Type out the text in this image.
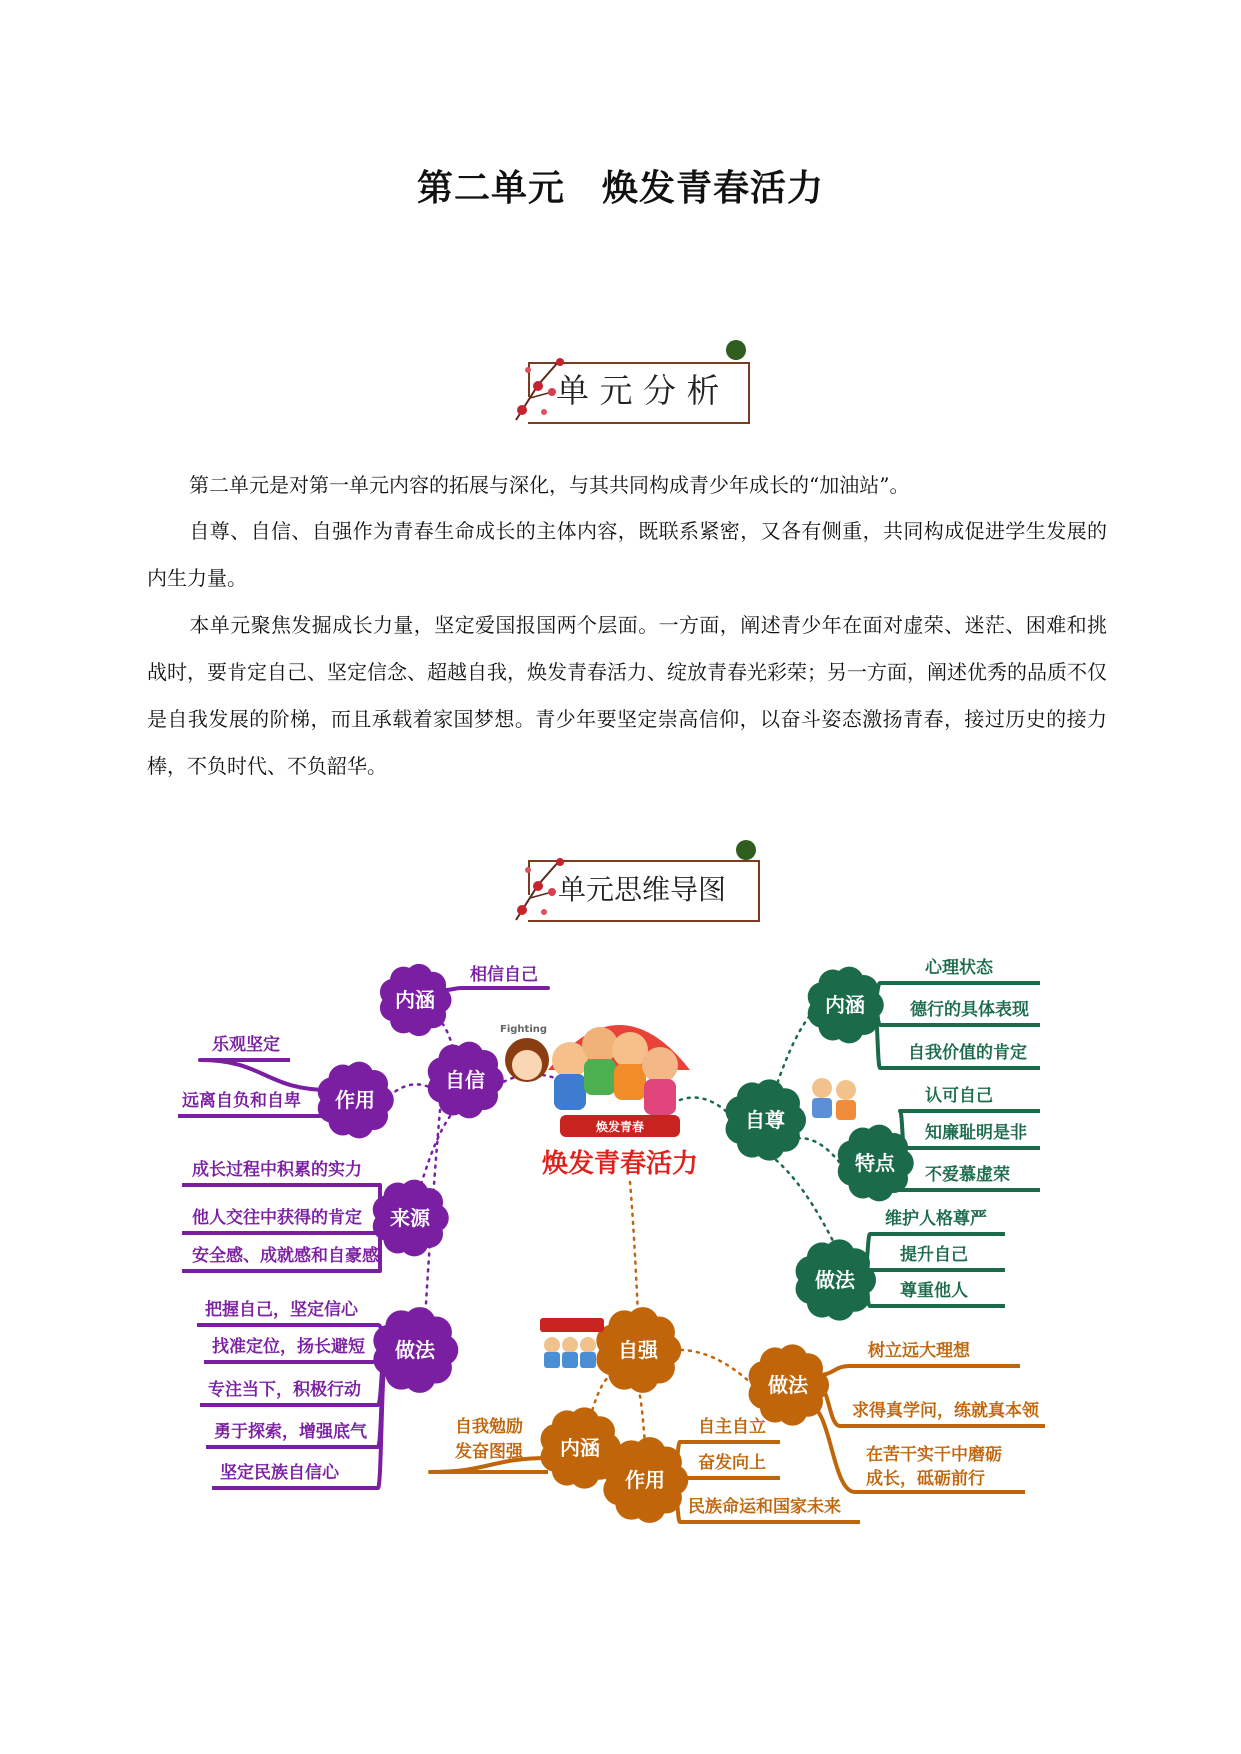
第二单元　焕发青春活力
单 元 分 析
第二单元是对第一单元内容的拓展与深化，与其共同构成青少年成长的“加油站”。
自尊、自信、自强作为青春生命成长的主体内容，既联系紧密，又各有侧重，共同构成促进学生发展的内生力量。
本单元聚焦发掘成长力量，坚定爱国报国两个层面。一方面，阐述青少年在面对虚荣、迷茫、困难和挑战时，要肯定自己、坚定信念、超越自我，焕发青春活力、绽放青春光彩荣；另一方面，阐述优秀的品质不仅是自我发展的阶梯，而且承载着家国梦想。青少年要坚定崇高信仰，以奋斗姿态激扬青春，接过历史的接力棒，不负时代、不负韶华。
单元思维导图
焕发青春
自信
Fighting
内涵
作用
来源
做法
自尊
内涵
特点
做法
自强
做法
内涵
作用
焕发青春活力
相信自己
乐观坚定
远离自负和自卑
成长过程中积累的实力
他人交往中获得的肯定
安全感、成就感和自豪感
把握自己，坚定信心
找准定位，扬长避短
专注当下，积极行动
勇于探索，增强底气
坚定民族自信心
心理状态
德行的具体表现
自我价值的肯定
认可自己
知廉耻明是非
不爱慕虚荣
维护人格尊严
提升自己
尊重他人
树立远大理想
求得真学问，练就真本领
在苦干实干中磨砺
成长，砥砺前行
自我勉励
发奋图强
自主自立
奋发向上
民族命运和国家未来
